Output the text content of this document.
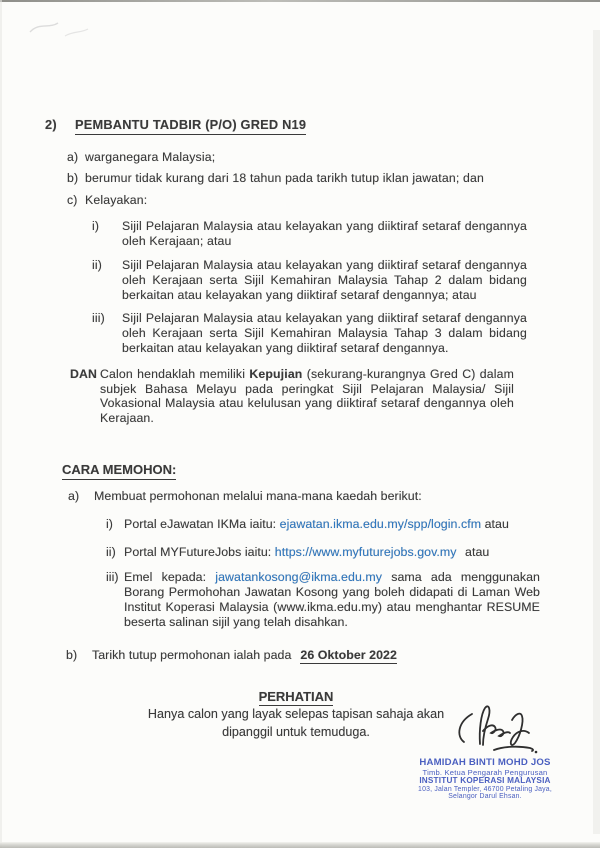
2)	PEMBANTU TADBIR (P/O) GRED N19
a) warganegara Malaysia;
b) berumur tidak kurang dari 18 tahun pada tarikh tutup iklan jawatan; dan
c) Kelayakan:
i)	Sijil Pelajaran Malaysia atau kelayakan yang diiktiraf setaraf dengannya oleh Kerajaan; atau
ii)	Sijil Pelajaran Malaysia atau kelayakan yang diiktiraf setaraf dengannya oleh Kerajaan serta Sijil Kemahiran Malaysia Tahap 2 dalam bidang berkaitan atau kelayakan yang diiktiraf setaraf dengannya; atau
iii)	Sijil Pelajaran Malaysia atau kelayakan yang diiktiraf setaraf dengannya oleh Kerajaan serta Sijil Kemahiran Malaysia Tahap 3 dalam bidang berkaitan atau kelayakan yang diiktiraf setaraf dengannya.
DAN Calon hendaklah memiliki Kepujian (sekurang-kurangnya Gred C) dalam subjek Bahasa Melayu pada peringkat Sijil Pelajaran Malaysia/ Sijil Vokasional Malaysia atau kelulusan yang diiktiraf setaraf dengannya oleh Kerajaan.
CARA MEMOHON:
a)	Membuat permohonan melalui mana-mana kaedah berikut:
i) Portal eJawatan IKMa iaitu: ejawatan.ikma.edu.my/spp/login.cfm atau
ii) Portal MYFutureJobs iaitu: https://www.myfuturejobs.gov.my atau
iii) Emel kepada: jawatankosong@ikma.edu.my sama ada menggunakan Borang Permohohan Jawatan Kosong yang boleh didapati di Laman Web Institut Koperasi Malaysia (www.ikma.edu.my) atau menghantar RESUME beserta salinan sijil yang telah disahkan.
b)	Tarikh tutup permohonan ialah pada 26 Oktober 2022
PERHATIAN
Hanya calon yang layak selepas tapisan sahaja akan
dipanggil untuk temuduga.
HAMIDAH BINTI MOHD JOS
Timb. Ketua Pengarah Pengurusan
INSTITUT KOPERASI MALAYSIA
103, Jalan Templer, 46700 Petaling Jaya,
Selangor Darul Ehsan.
